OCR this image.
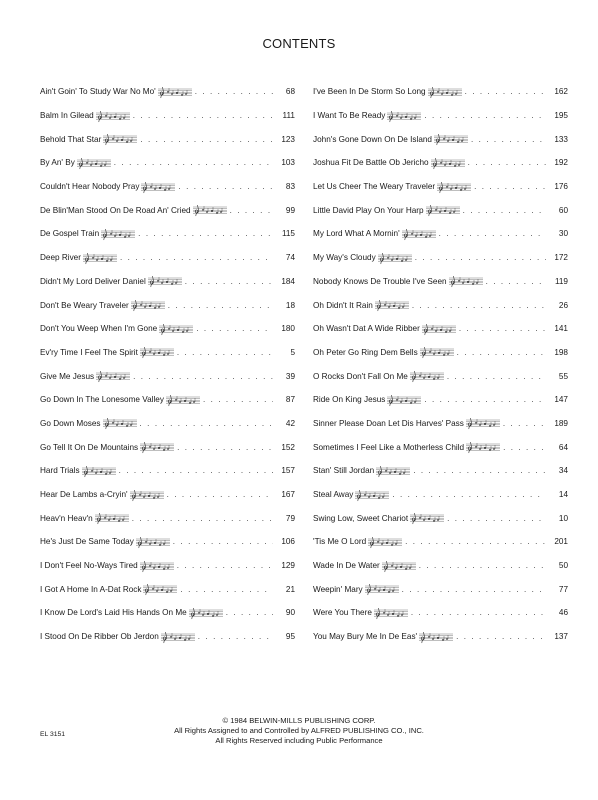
CONTENTS
Ain't Goin' To Study War No Mo' . . .	68
Balm In Gilead . . .	111
Behold That Star . . .	123
By An' By . . .	103
Couldn't Hear Nobody Pray . . .	83
De Blin'Man Stood On De Road An' Cried . . .	99
De Gospel Train . . .	115
Deep River . . .	74
Didn't My Lord Deliver Daniel . . .	184
Don't Be Weary Traveler . . .	18
Don't You Weep When I'm Gone . . .	180
Ev'ry Time I Feel The Spirit . . .	5
Give Me Jesus . . .	39
Go Down In The Lonesome Valley . . .	87
Go Down Moses . . .	42
Go Tell It On De Mountains . . .	152
Hard Trials . . .	157
Hear De Lambs a-Cryin' . . .	167
Heav'n Heav'n . . .	79
He's Just De Same Today . . .	106
I Don't Feel No-Ways Tired . . .	129
I Got A Home In A-Dat Rock . . .	21
I Know De Lord's Laid His Hands On Me . . .	90
I Stood On De Ribber Ob Jerdon . . .	95
I've Been In De Storm So Long . . .	162
I Want To Be Ready . . .	195
John's Gone Down On De Island . . .	133
Joshua Fit De Battle Ob Jericho . . .	192
Let Us Cheer The Weary Traveler . . .	176
Little David Play On Your Harp . . .	60
My Lord What A Mornin' . . .	30
My Way's Cloudy . . .	172
Nobody Knows De Trouble I've Seen . . .	119
Oh Didn't It Rain . . .	26
Oh Wasn't Dat A Wide Ribber . . .	141
Oh Peter Go Ring Dem Bells . . .	198
O Rocks Don't Fall On Me . . .	55
Ride On King Jesus . . .	147
Sinner Please Doan Let Dis Harves' Pass . . .	189
Sometimes I Feel Like a Motherless Child . . .	64
Stan' Still Jordan . . .	34
Steal Away . . .	14
Swing Low, Sweet Chariot . . .	10
'Tis Me O Lord . . .	201
Wade In De Water . . .	50
Weepin' Mary . . .	77
Were You There . . .	46
You May Bury Me In De Eas' . . .	137
© 1984 BELWIN-MILLS PUBLISHING CORP.
All Rights Assigned to and Controlled by ALFRED PUBLISHING CO., INC.
All Rights Reserved including Public Performance
EL 3151
